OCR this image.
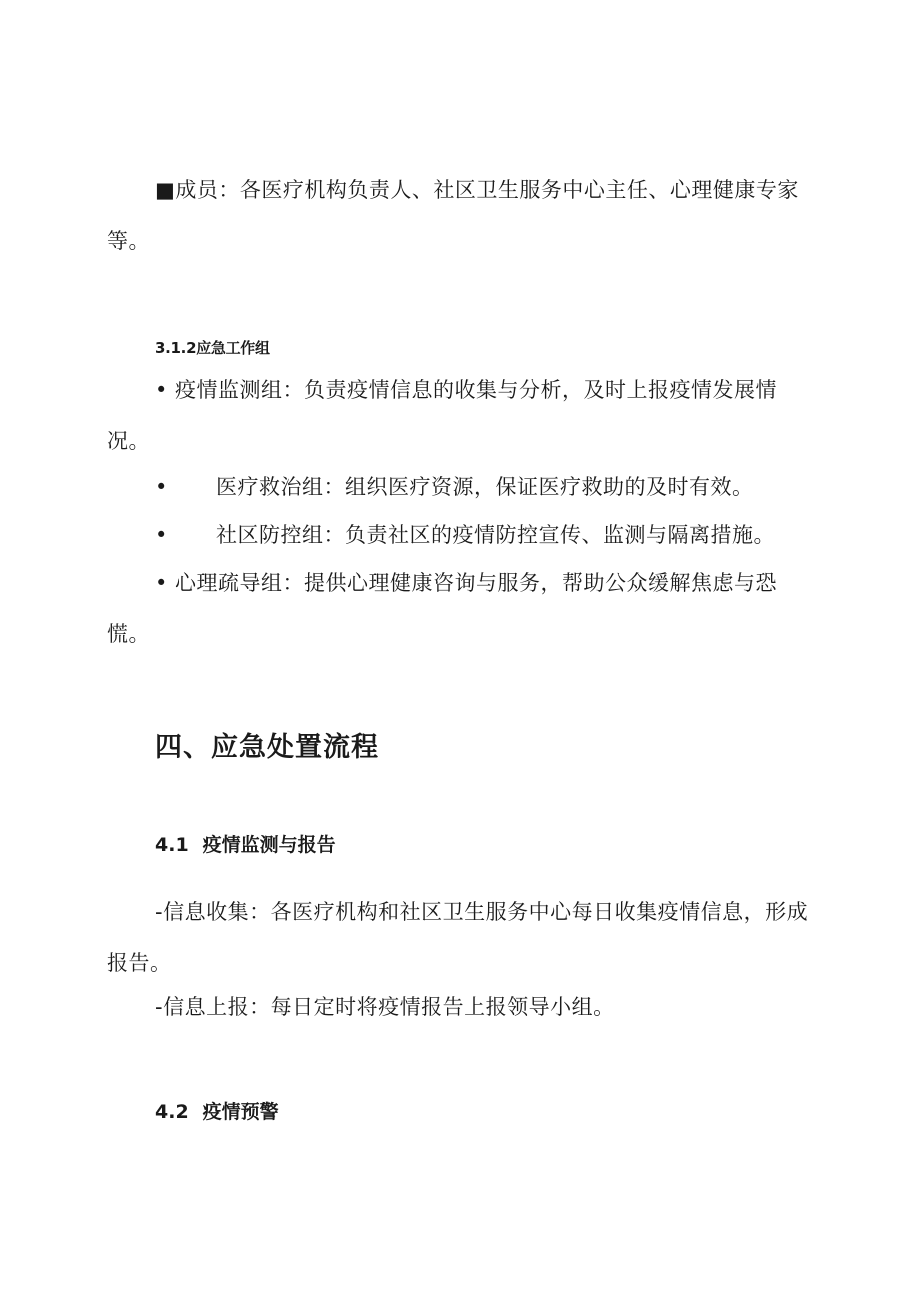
■成员：各医疗机构负责人、社区卫生服务中心主任、心理健康专家
等。
3.1.2应急工作组
• 疫情监测组：负责疫情信息的收集与分析，及时上报疫情发展情
况。
• 医疗救治组：组织医疗资源，保证医疗救助的及时有效。
• 社区防控组：负责社区的疫情防控宣传、监测与隔离措施。
• 心理疏导组：提供心理健康咨询与服务，帮助公众缓解焦虑与恐
慌。
四、应急处置流程
4.1 疫情监测与报告
-信息收集：各医疗机构和社区卫生服务中心每日收集疫情信息，形成
报告。
-信息上报：每日定时将疫情报告上报领导小组。
4.2 疫情预警
